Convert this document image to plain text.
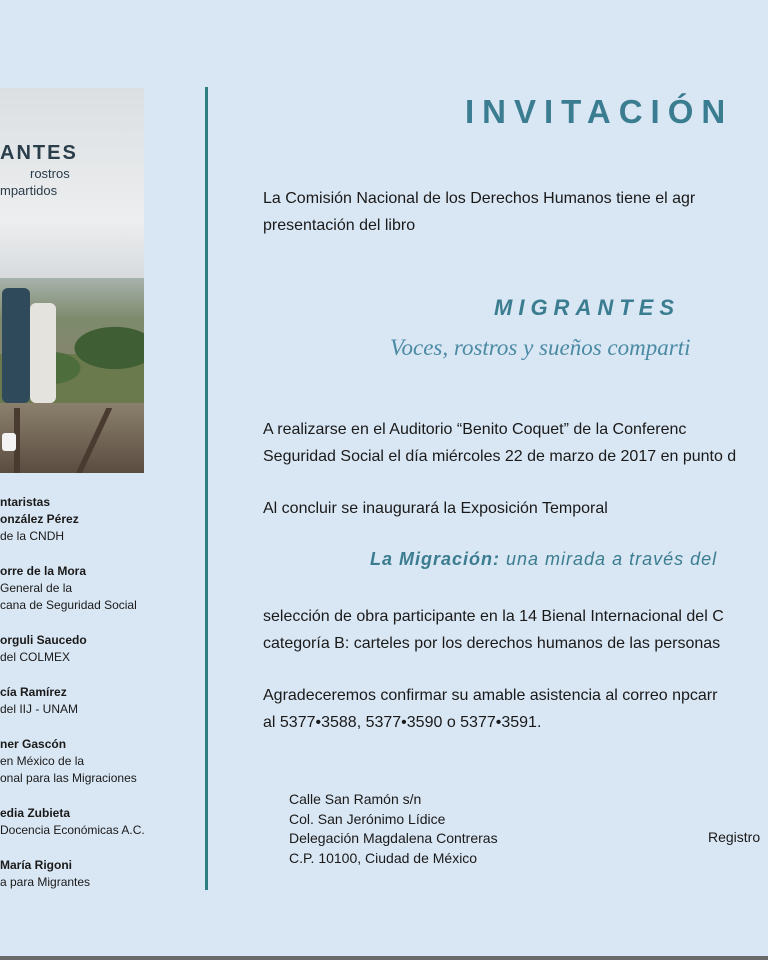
ANTES
rostros
mpartidos
ntaristas
onzález Pérez
de la CNDH
orre de la Mora
General de la
cana de Seguridad Social
orguli Saucedo
del COLMEX
cía Ramírez
del IIJ - UNAM
ner Gascón
en México de la
onal para las Migraciones
edia Zubieta
Docencia Económicas A.C.
María Rigoni
a para Migrantes
INVITACIÓN
La Comisión Nacional de los Derechos Humanos tiene el agr
presentación del libro
MIGRANTES
Voces, rostros y sueños comparti
A realizarse en el Auditorio “Benito Coquet” de la Conferenc
Seguridad Social el día miércoles 22 de marzo de 2017 en punto d
Al concluir se inaugurará la Exposición Temporal
La Migración: una mirada a través del
selección de obra participante en la 14 Bienal Internacional del C
categoría B: carteles por los derechos humanos de las personas
Agradeceremos confirmar su amable asistencia al correo npcarr
al 5377•3588, 5377•3590 o 5377•3591.
Calle San Ramón s/n
Col. San Jerónimo Lídice
Delegación Magdalena Contreras
C.P. 10100, Ciudad de México
Registro
